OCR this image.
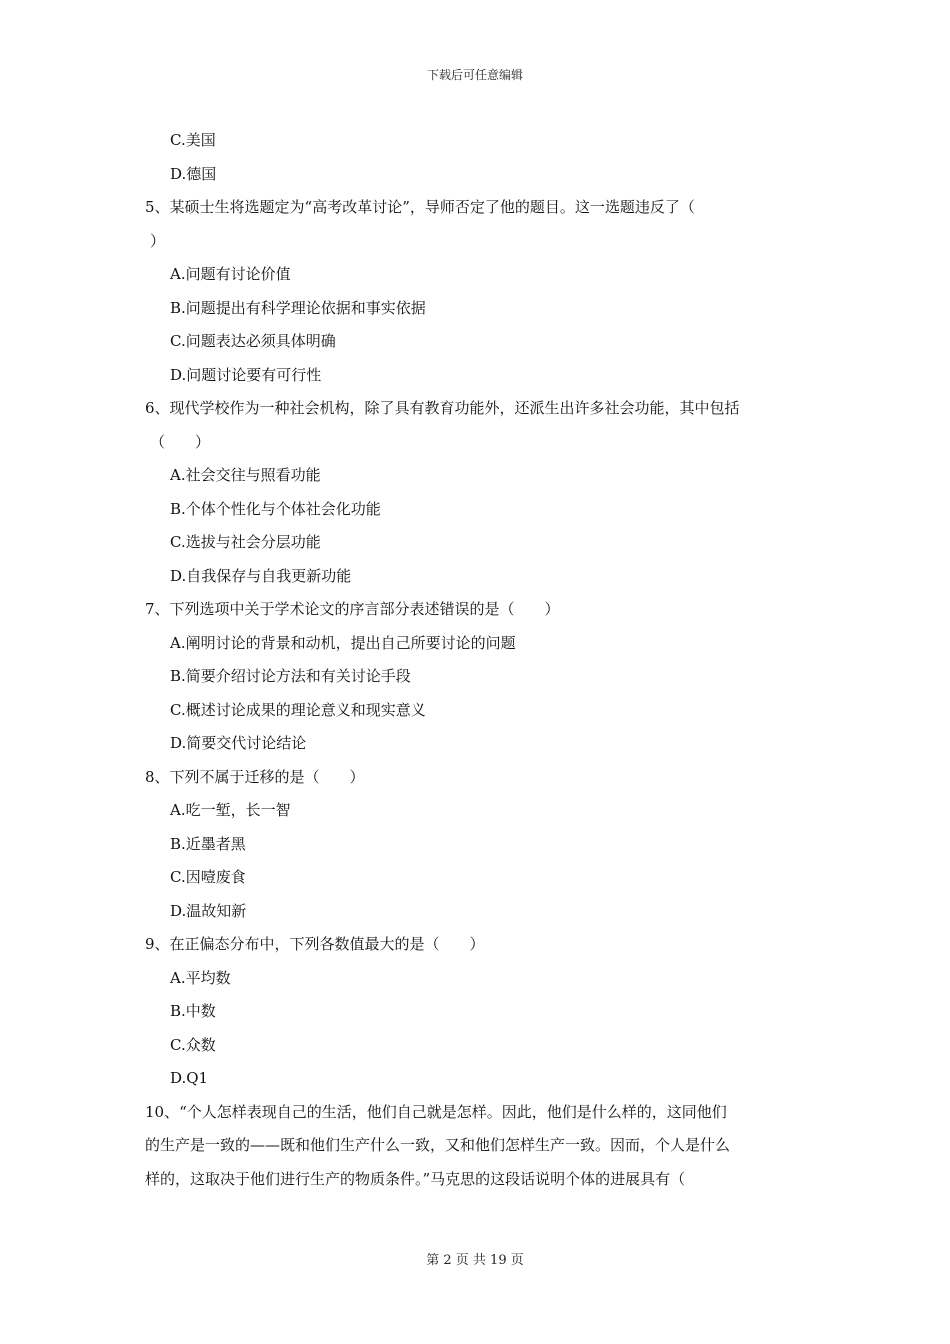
下载后可任意编辑
C.美国
D.德国
5、某硕士生将选题定为“高考改革讨论”，导师否定了他的题目。这一选题违反了（
）
A.问题有讨论价值
B.问题提出有科学理论依据和事实依据
C.问题表达必须具体明确
D.问题讨论要有可行性
6、现代学校作为一种社会机构，除了具有教育功能外，还派生出许多社会功能，其中包括
（　　）
A.社会交往与照看功能
B.个体个性化与个体社会化功能
C.选拔与社会分层功能
D.自我保存与自我更新功能
7、下列选项中关于学术论文的序言部分表述错误的是（　　）
A.阐明讨论的背景和动机，提出自己所要讨论的问题
B.简要介绍讨论方法和有关讨论手段
C.概述讨论成果的理论意义和现实意义
D.简要交代讨论结论
8、下列不属于迁移的是（　　）
A.吃一堑，长一智
B.近墨者黑
C.因噎废食
D.温故知新
9、在正偏态分布中，下列各数值最大的是（　　）
A.平均数
B.中数
C.众数
D.Q1
10、“个人怎样表现自己的生活，他们自己就是怎样。因此，他们是什么样的，这同他们
的生产是一致的——既和他们生产什么一致，又和他们怎样生产一致。因而，个人是什么
样的，这取决于他们进行生产的物质条件。”马克思的这段话说明个体的进展具有（
第 2 页 共 19 页
